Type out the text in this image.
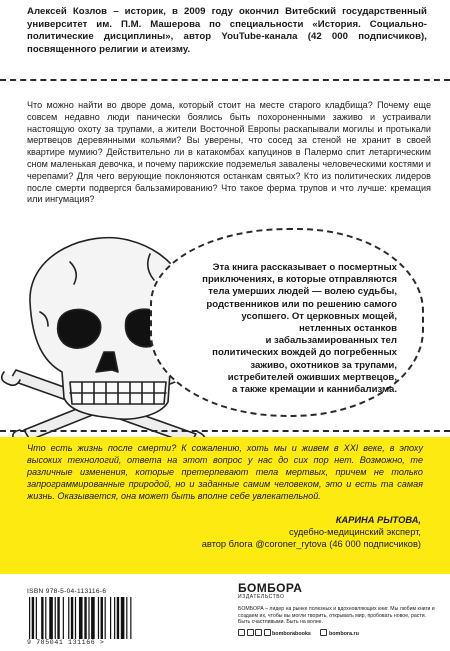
Алексей Козлов – историк, в 2009 году окончил Витебский государственный университет им. П.М. Машерова по специальности «История. Социально-политические дисциплины», автор YouTube-канала (42 000 подписчиков), посвященного религии и атеизму.
Что можно найти во дворе дома, который стоит на месте старого кладбища? Почему еще совсем недавно люди панически боялись быть похороненными заживо и устраивали настоящую охоту за трупами, а жители Восточной Европы раскапывали могилы и протыкали мертвецов деревянными кольями? Вы уверены, что сосед за стеной не хранит в своей квартире мумию? Действительно ли в катакомбах капуцинов в Палермо спит летаргическим сном маленькая девочка, и почему парижские подземелья завалены человеческими костями и черепами? Для чего верующие поклоняются останкам святых? Кто из политических лидеров после смерти подвергся бальзамированию? Что такое ферма трупов и что лучше: кремация или ингумация?
Эта книга рассказывает о посмертных
приключениях, в которые отправляются
тела умерших людей — волею судьбы,
родственников или по решению самого
усопшего. От церковных мощей,
нетленных останков
и забальзамированных тел
политических вождей до погребенных
заживо, охотников за трупами,
истребителей оживших мертвецов,
а также кремации и каннибализма.
Что есть жизнь после смерти? К сожалению, хоть мы и живем в XXI веке, в эпоху высоких технологий, ответа на этот вопрос у нас до сих пор нет. Возможно, те различные изменения, которые претерпевают тела мертвых, причем не только запрограммированные природой, но и заданные самим человеком, это и есть та самая жизнь. Оказывается, она может быть вполне себе увлекательной.
КАРИНА РЫТОВА,
судебно-медицинский эксперт,
автор блога @coroner_rytova (46 000 подписчиков)
ISBN 978-5-04-113116-6
9 785041 131166 >
БОМБОРА
ИЗДАТЕЛЬСТВО
БОМБОРА – лидер на рынке полезных и вдохновляющих книг. Мы любим книги и создаем их, чтобы вы могли творить, открывать мир, пробовать новое, расти. Быть счастливыми. Быть на волне.
bomborabooks	bombora.ru
